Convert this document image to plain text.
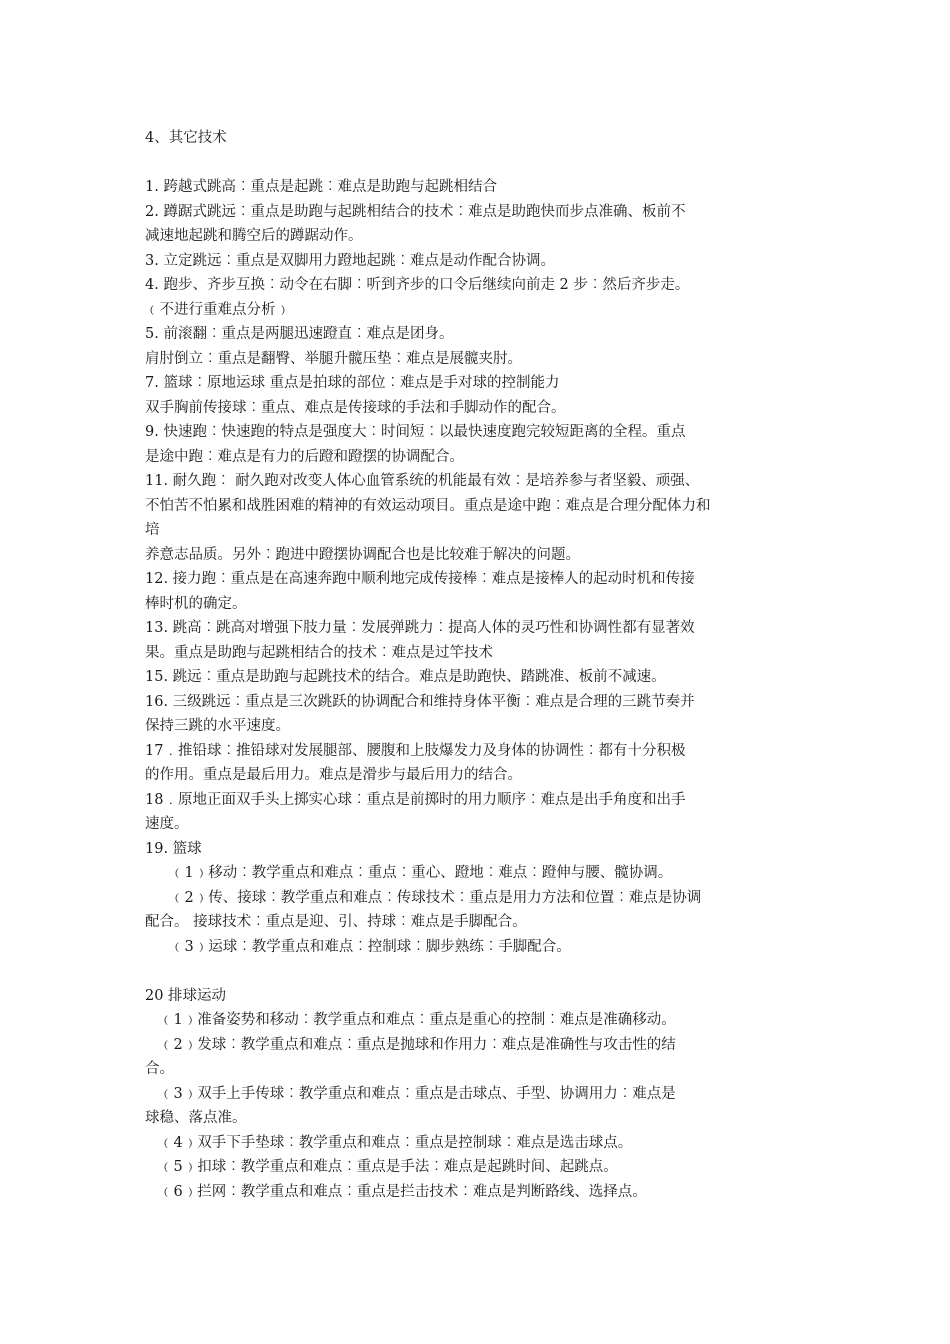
4、其它技术
1. 跨越式跳高︰重点是起跳︰难点是助跑与起跳相结合
2. 蹲踞式跳远︰重点是助跑与起跳相结合的技术︰难点是助跑快而步点准确、板前不
减速地起跳和腾空后的蹲踞动作。
3. 立定跳远︰重点是双脚用力蹬地起跳︰难点是动作配合协调。
4. 跑步、齐步互换︰动令在右脚︰听到齐步的口令后继续向前走 2 步︰然后齐步走。
﹙不进行重难点分析﹚
5. 前滚翻︰重点是两腿迅速蹬直︰难点是团身。
肩肘倒立︰重点是翻臀、举腿升髋压垫︰难点是展髋夹肘。
7. 篮球︰原地运球 重点是拍球的部位︰难点是手对球的控制能力
双手胸前传接球︰重点、难点是传接球的手法和手脚动作的配合。
9. 快速跑︰快速跑的特点是强度大︰时间短︰以最快速度跑完较短距离的全程。重点
是途中跑︰难点是有力的后蹬和蹬摆的协调配合。
11. 耐久跑︰ 耐久跑对改变人体心血管系统的机能最有效︰是培养参与者坚毅、顽强、
不怕苦不怕累和战胜困难的精神的有效运动项目。重点是途中跑︰难点是合理分配体力和
培
养意志品质。另外︰跑进中蹬摆协调配合也是比较难于解决的问题。
12. 接力跑︰重点是在高速奔跑中顺利地完成传接棒︰难点是接棒人的起动时机和传接
棒时机的确定。
13. 跳高︰跳高对增强下肢力量︰发展弹跳力︰提高人体的灵巧性和协调性都有显著效
果。重点是助跑与起跳相结合的技术︰难点是过竿技术
15. 跳远︰重点是助跑与起跳技术的结合。难点是助跑快、踏跳准、板前不减速。
16. 三级跳远︰重点是三次跳跃的协调配合和维持身体平衡︰难点是合理的三跳节奏并
保持三跳的水平速度。
17﹒推铅球︰推铅球对发展腿部、腰腹和上肢爆发力及身体的协调性︰都有十分积极
的作用。重点是最后用力。难点是滑步与最后用力的结合。
18﹒原地正面双手头上掷实心球︰重点是前掷时的用力顺序︰难点是出手角度和出手
速度。
19. 篮球
﹙1﹚移动︰教学重点和难点︰重点︰重心、蹬地︰难点︰蹬伸与腰、髋协调。
﹙2﹚传、接球︰教学重点和难点︰传球技术︰重点是用力方法和位置︰难点是协调
配合。 接球技术︰重点是迎、引、持球︰难点是手脚配合。
﹙3﹚运球︰教学重点和难点︰控制球︰脚步熟练︰手脚配合。
20 排球运动
﹙1﹚准备姿势和移动︰教学重点和难点︰重点是重心的控制︰难点是准确移动。
﹙2﹚发球︰教学重点和难点︰重点是抛球和作用力︰难点是准确性与攻击性的结
合。
﹙3﹚双手上手传球︰教学重点和难点︰重点是击球点、手型、协调用力︰难点是
球稳、落点准。
﹙4﹚双手下手垫球︰教学重点和难点︰重点是控制球︰难点是选击球点。
﹙5﹚扣球︰教学重点和难点︰重点是手法︰难点是起跳时间、起跳点。
﹙6﹚拦网︰教学重点和难点︰重点是拦击技术︰难点是判断路线、选择点。
